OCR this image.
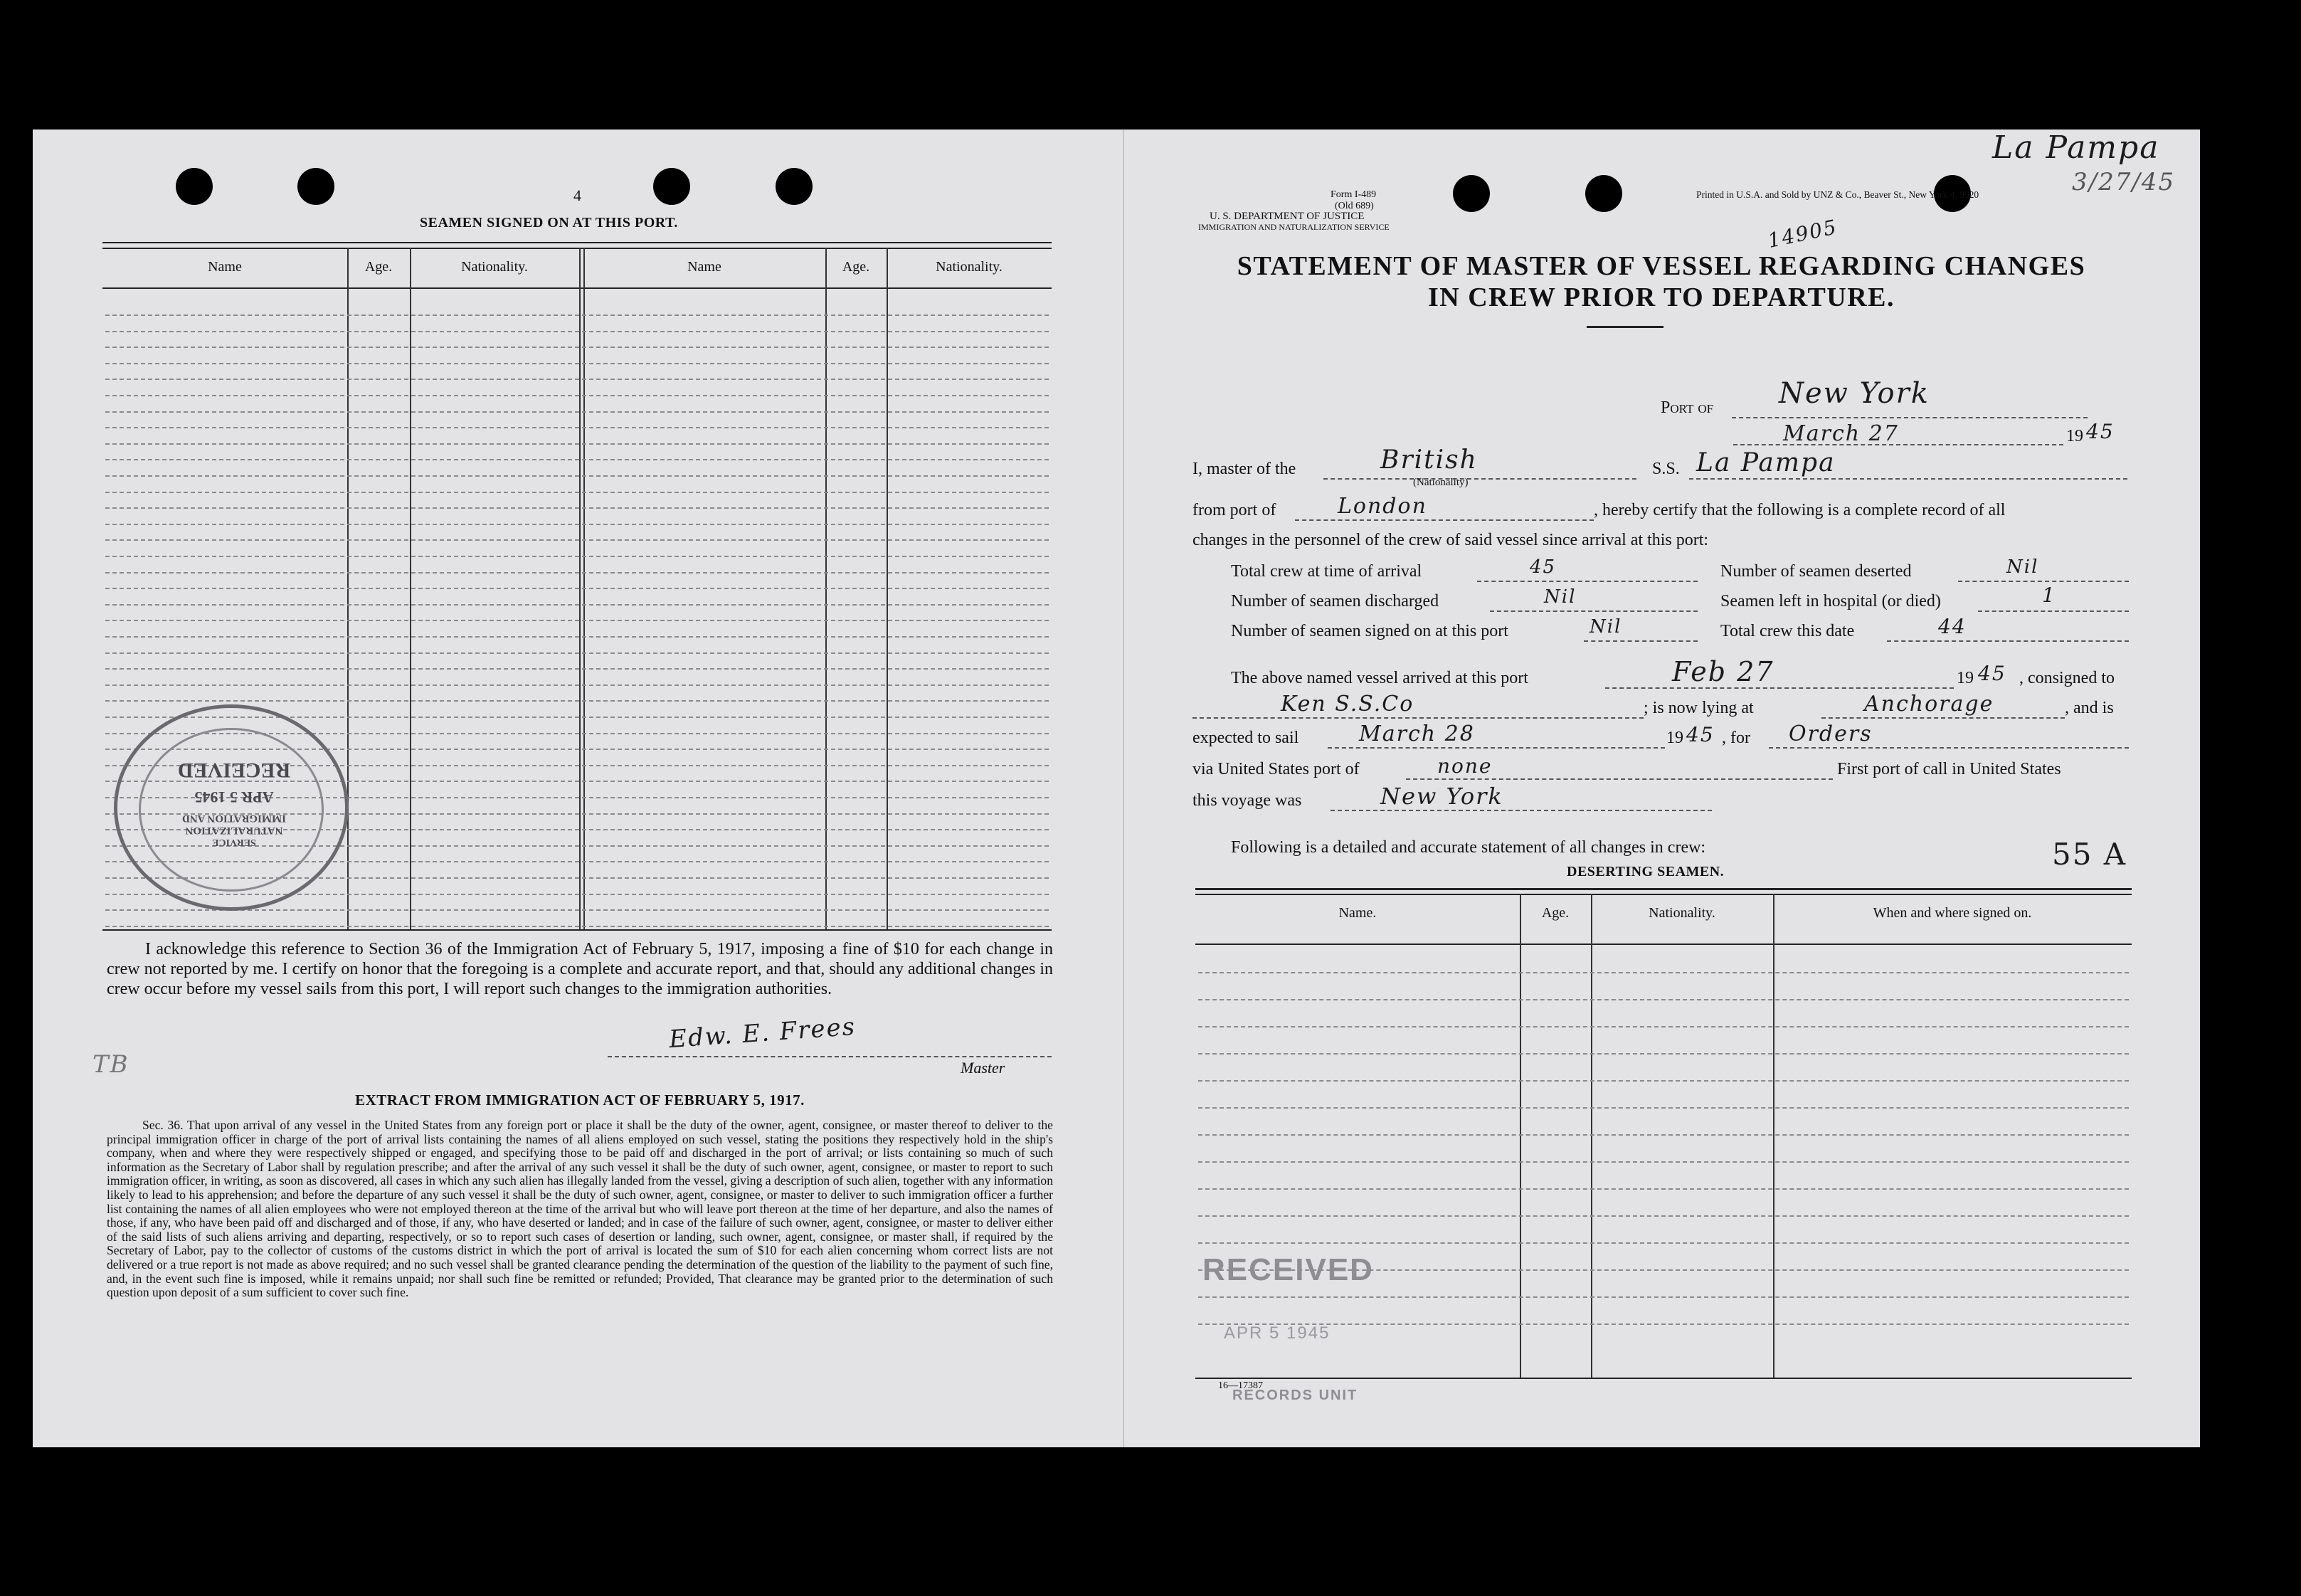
4
SEAMEN SIGNED ON AT THIS PORT.
Name	Age.	Nationality.	Name	Age.	Nationality.
SERVICE
NATURALIZATION
IMMIGRATION AND
APR 5 1945
RECEIVED
I acknowledge this reference to Section 36 of the Immigration Act of February 5, 1917, imposing a fine of $10 for each change in crew not reported by me. I certify on honor that the foregoing is a complete and accurate report, and that, should any additional changes in crew occur before my vessel sails from this port, I will report such changes to the immigration authorities.
Edw. E. Frees
Master
TB
EXTRACT FROM IMMIGRATION ACT OF FEBRUARY 5, 1917.
Sec. 36. That upon arrival of any vessel in the United States from any foreign port or place it shall be the duty of the owner, agent, consignee, or master thereof to deliver to the principal immigration officer in charge of the port of arrival lists containing the names of all aliens employed on such vessel, stating the positions they respectively hold in the ship's company, when and where they were respectively shipped or engaged, and specifying those to be paid off and discharged in the port of arrival; or lists containing so much of such information as the Secretary of Labor shall by regulation prescribe; and after the arrival of any such vessel it shall be the duty of such owner, agent, consignee, or master to report to such immigration officer, in writing, as soon as discovered, all cases in which any such alien has illegally landed from the vessel, giving a description of such alien, together with any information likely to lead to his apprehension; and before the departure of any such vessel it shall be the duty of such owner, agent, consignee, or master to deliver to such immigration officer a further list containing the names of all alien employees who were not employed thereon at the time of the arrival but who will leave port thereon at the time of her departure, and also the names of those, if any, who have been paid off and discharged and of those, if any, who have deserted or landed; and in case of the failure of such owner, agent, consignee, or master to deliver either of the said lists of such aliens arriving and departing, respectively, or so to report such cases of desertion or landing, such owner, agent, consignee, or master shall, if required by the Secretary of Labor, pay to the collector of customs of the customs district in which the port of arrival is located the sum of $10 for each alien concerning whom correct lists are not delivered or a true report is not made as above required; and no such vessel shall be granted clearance pending the determination of the question of the liability to the payment of such fine, and, in the event such fine is imposed, while it remains unpaid; nor shall such fine be remitted or refunded; Provided, That clearance may be granted prior to the determination of such question upon deposit of a sum sufficient to cover such fine.
La Pampa
3/27/45
Form I-489
(Old 689)
U. S. DEPARTMENT OF JUSTICE
IMMIGRATION AND NATURALIZATION SERVICE
Printed in U.S.A. and Sold by UNZ & Co., Beaver St., New York 4, 9920
14905
STATEMENT OF MASTER OF VESSEL REGARDING CHANGES
IN CREW PRIOR TO DEPARTURE.
Port of New York
March 27	19 45
I, master of the	British
(Nationality)
S.S. La Pampa
from port of	London	, hereby certify that the following is a complete record of all
changes in the personnel of the crew of said vessel since arrival at this port:
Total crew at time of arrival	45	Number of seamen deserted	Nil
Number of seamen discharged	Nil	Seamen left in hospital (or died)	1
Number of seamen signed on at this port	Nil	Total crew this date	44
The above named vessel arrived at this port	Feb 27	19 45 , consigned to
Ken S.S.Co	; is now lying at	Anchorage	, and is
expected to sail	March 28	19 45 , for Orders
via United States port of	none	First port of call in United States
this voyage was	New York
Following is a detailed and accurate statement of all changes in crew:	55 A
DESERTING SEAMEN.
Name.	Age.	Nationality.	When and where signed on.
RECEIVED
APR 5 1945
16—17387
RECORDS UNIT
